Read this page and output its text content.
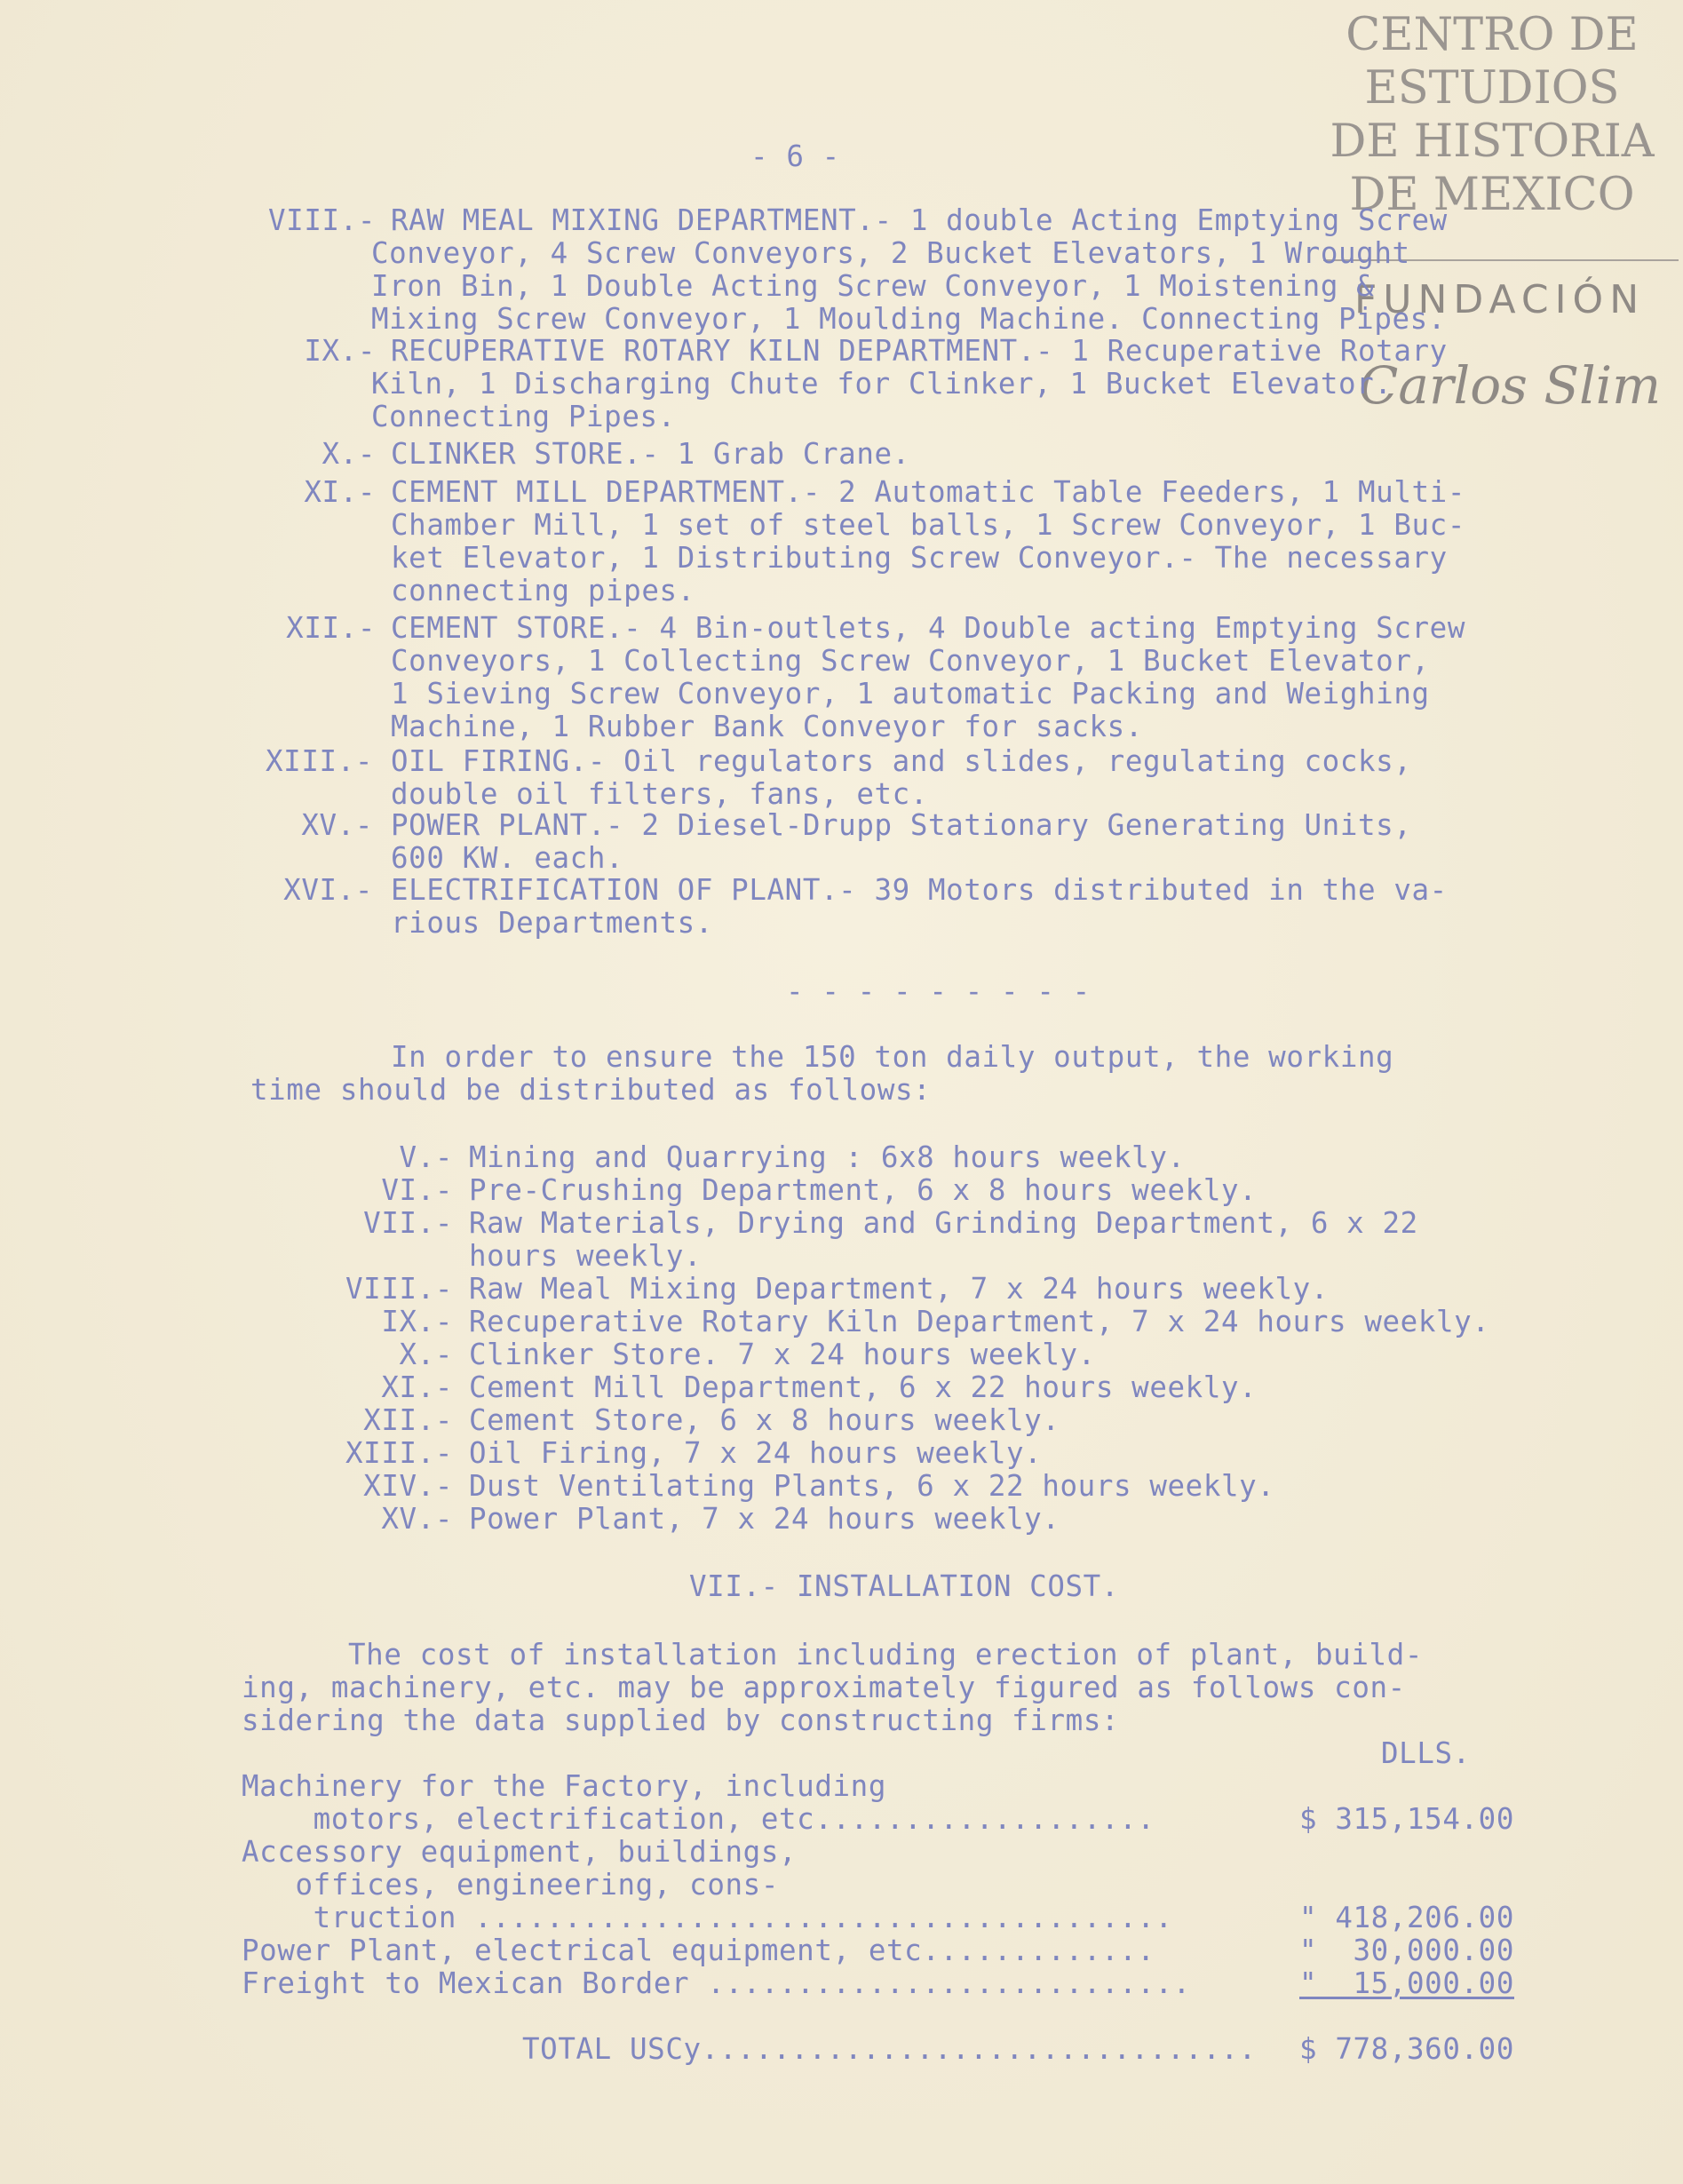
CENTRO DE
ESTUDIOS
DE HISTORIA
DE MEXICO
FUNDACIÓN
Carlos Slim
- 6 -
VIII.- RAW MEAL MIXING DEPARTMENT.- 1 double Acting Emptying Screw
Conveyor, 4 Screw Conveyors, 2 Bucket Elevators, 1 Wrought
Iron Bin, 1 Double Acting Screw Conveyor, 1 Moistening &
Mixing Screw Conveyor, 1 Moulding Machine. Connecting Pipes.
IX.- RECUPERATIVE ROTARY KILN DEPARTMENT.- 1 Recuperative Rotary
Kiln, 1 Discharging Chute for Clinker, 1 Bucket Elevator.
Connecting Pipes.
X.- CLINKER STORE.- 1 Grab Crane.
XI.- CEMENT MILL DEPARTMENT.- 2 Automatic Table Feeders, 1 Multi-
Chamber Mill, 1 set of steel balls, 1 Screw Conveyor, 1 Buc-
ket Elevator, 1 Distributing Screw Conveyor.- The necessary
connecting pipes.
XII.- CEMENT STORE.- 4 Bin-outlets, 4 Double acting Emptying Screw
Conveyors, 1 Collecting Screw Conveyor, 1 Bucket Elevator,
1 Sieving Screw Conveyor, 1 automatic Packing and Weighing
Machine, 1 Rubber Bank Conveyor for sacks.
XIII.- OIL FIRING.- Oil regulators and slides, regulating cocks,
double oil filters, fans, etc.
XV.- POWER PLANT.- 2 Diesel-Drupp Stationary Generating Units,
600 KW. each.
XVI.- ELECTRIFICATION OF PLANT.- 39 Motors distributed in the va-
rious Departments.
- - - - - - - - -
In order to ensure the 150 ton daily output, the working
time should be distributed as follows:
V.- Mining and Quarrying : 6x8 hours weekly.
VI.- Pre-Crushing Department, 6 x 8 hours weekly.
VII.- Raw Materials, Drying and Grinding Department, 6 x 22
hours weekly.
VIII.- Raw Meal Mixing Department, 7 x 24 hours weekly.
IX.- Recuperative Rotary Kiln Department, 7 x 24 hours weekly.
X.- Clinker Store. 7 x 24 hours weekly.
XI.- Cement Mill Department, 6 x 22 hours weekly.
XII.- Cement Store, 6 x 8 hours weekly.
XIII.- Oil Firing, 7 x 24 hours weekly.
XIV.- Dust Ventilating Plants, 6 x 22 hours weekly.
XV.- Power Plant, 7 x 24 hours weekly.
VII.- INSTALLATION COST.
The cost of installation including erection of plant, build-
ing, machinery, etc. may be approximately figured as follows con-
sidering the data supplied by constructing firms:
DLLS.
Machinery for the Factory, including
motors, electrification, etc...................	$ 315,154.00
Accessory equipment, buildings,
offices, engineering, cons-
truction .......................................	" 418,206.00
Power Plant, electrical equipment, etc.............	"  30,000.00
Freight to Mexican Border ...........................	"  15,000.00
TOTAL USCy............................... $ 778,360.00
